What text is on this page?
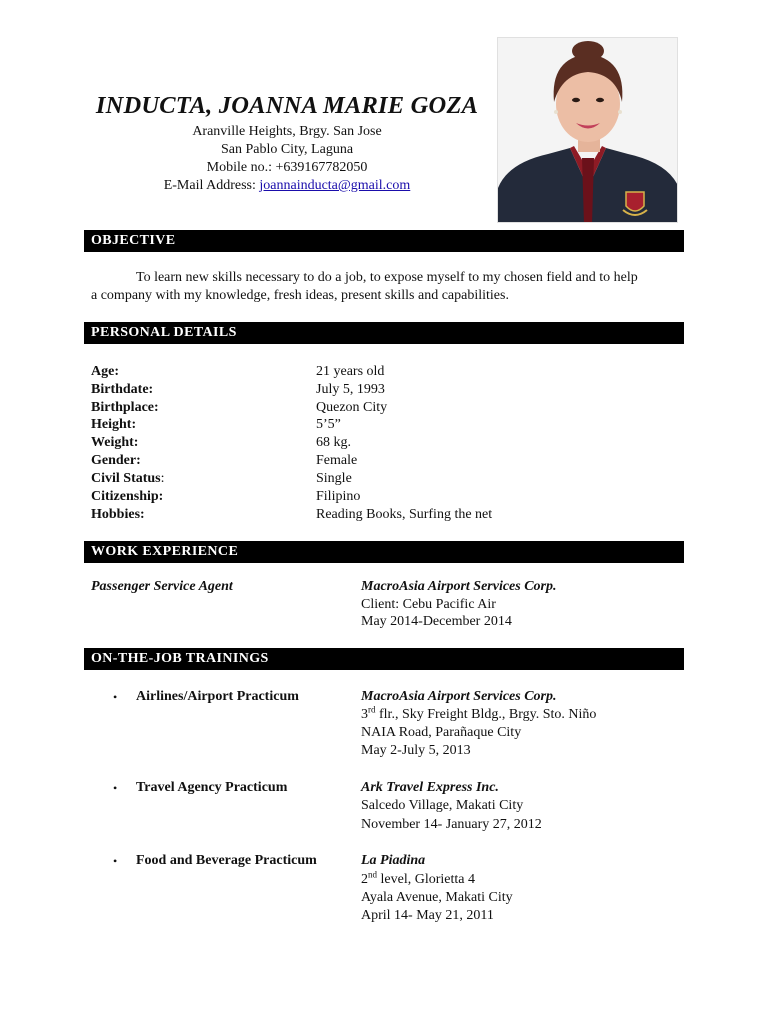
INDUCTA, JOANNA MARIE GOZA
Aranville Heights, Brgy. San Jose
San Pablo City, Laguna
Mobile no.: +639167782050
E-Mail Address: joannainducta@gmail.com
OBJECTIVE
To learn new skills necessary to do a job, to expose myself to my chosen field and to help
a company with my knowledge, fresh ideas, present skills and capabilities.
PERSONAL DETAILS
Age:	21 years old
Birthdate:	July 5, 1993
Birthplace:	Quezon City
Height:	5’5”
Weight:	68 kg.
Gender:	Female
Civil Status:	Single
Citizenship:	Filipino
Hobbies:	Reading Books, Surfing the net
WORK EXPERIENCE
Passenger Service Agent	MacroAsia Airport Services Corp.
Client: Cebu Pacific Air
May 2014-December 2014
ON-THE-JOB TRAININGS
• Airlines/Airport Practicum	MacroAsia Airport Services Corp.
3rd flr., Sky Freight Bldg., Brgy. Sto. Niño
NAIA Road, Parañaque City
May 2-July 5, 2013
• Travel Agency Practicum	Ark Travel Express Inc.
Salcedo Village, Makati City
November 14- January 27, 2012
• Food and Beverage Practicum	La Piadina
2nd level, Glorietta 4
Ayala Avenue, Makati City
April 14- May 21, 2011
